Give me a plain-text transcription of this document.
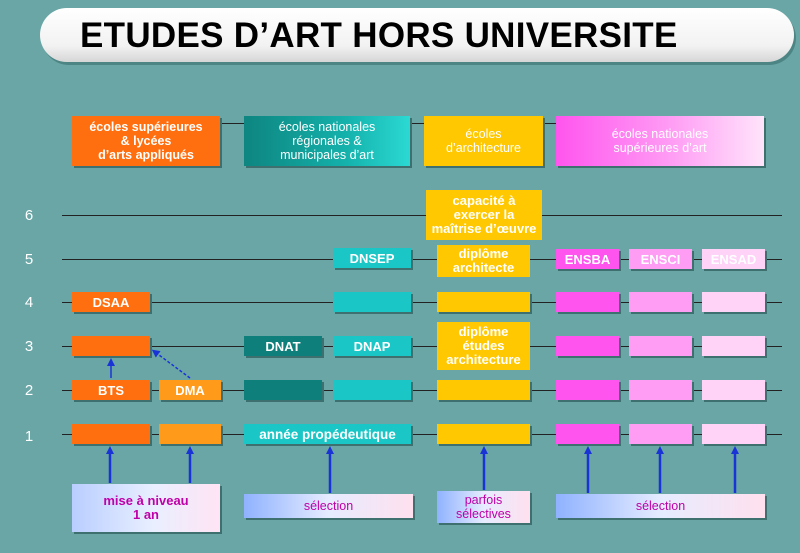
ETUDES D’ART HORS UNIVERSITE
6
5
4
3
2
1
écoles supérieures
& lycées
d’arts appliqués
écoles nationales
régionales &
municipales d’art
écoles
d’architecture
écoles nationales
supérieures d’art
DSAA
BTS	DMA
DNAT
DNSEP
DNAP
année propédeutique
capacité à
exercer la
maîtrise d’œuvre
diplôme
architecte
diplôme
études
architecture
ENSBA	ENSCI	ENSAD
mise à niveau
1 an
sélection	parfois
sélectives
sélection
